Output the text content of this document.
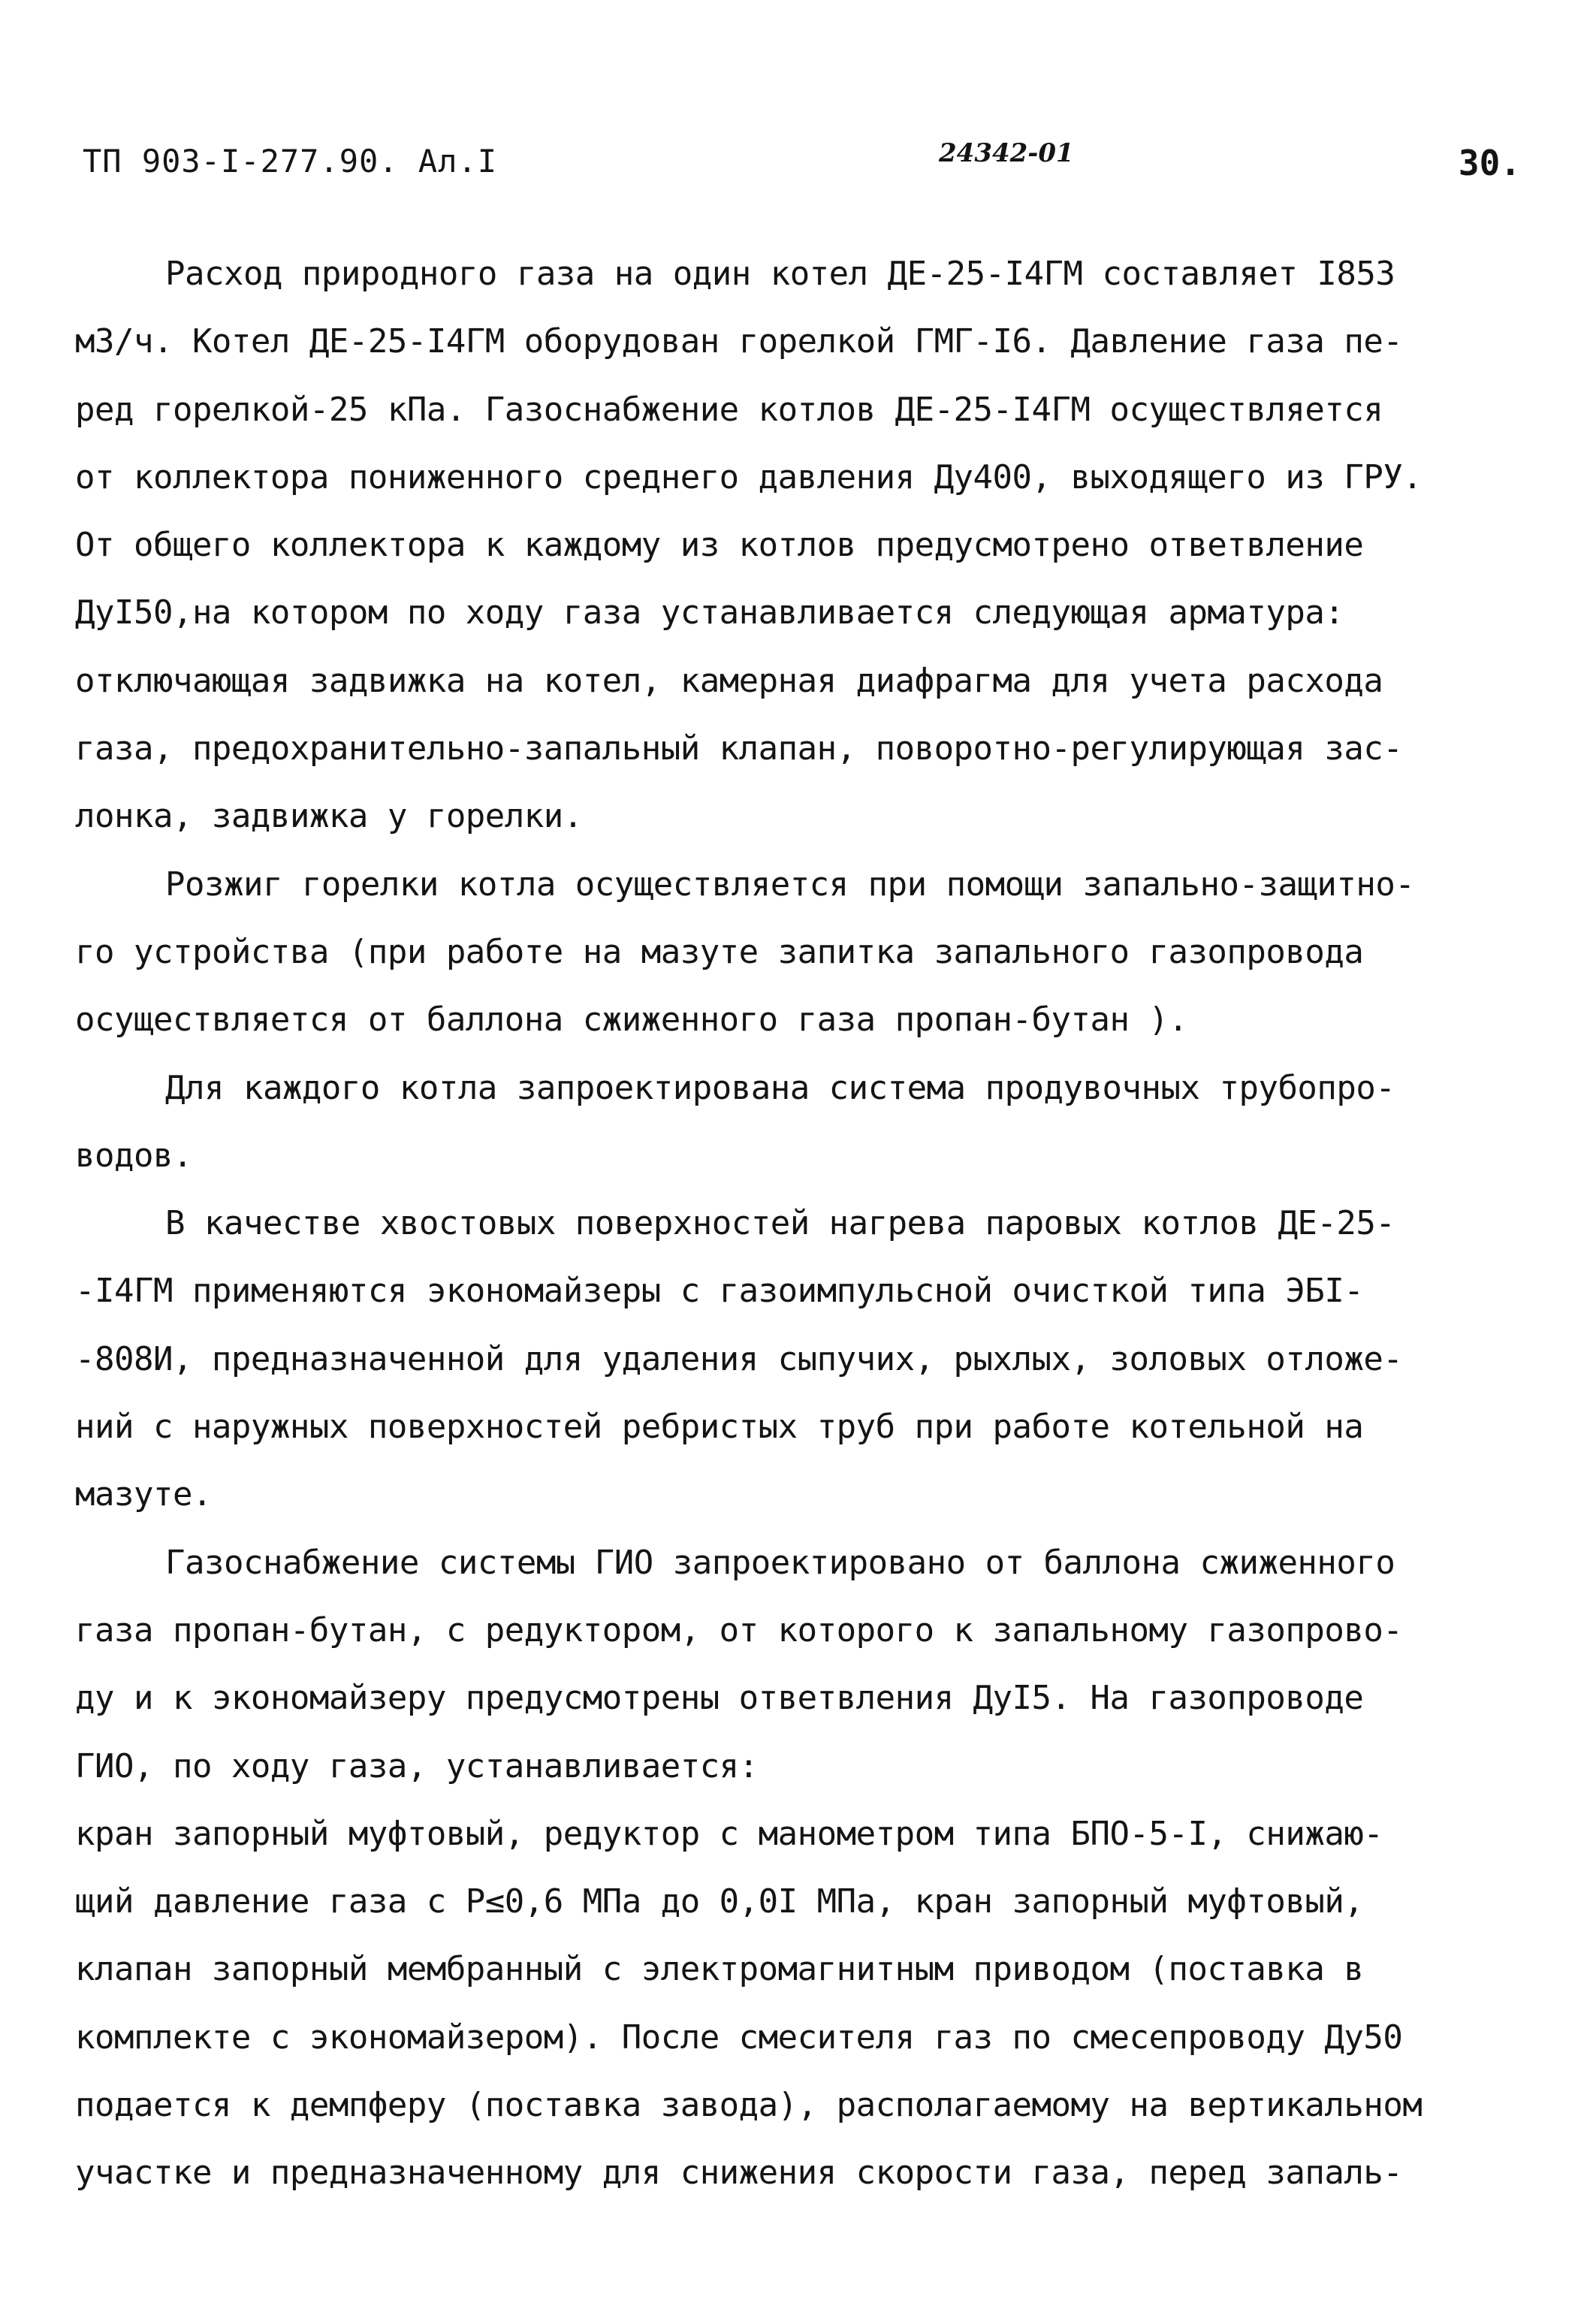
ТП 903-I-277.90. Ал.I	24342-01	30.
Расход природного газа на один котел ДЕ-25-I4ГМ составляет I853
м3/ч. Котел ДЕ-25-I4ГМ оборудован горелкой ГМГ-I6. Давление газа пе-
ред горелкой-25 кПа. Газоснабжение котлов ДЕ-25-I4ГМ осуществляется
от коллектора пониженного среднего давления Ду400, выходящего из ГРУ.
От общего коллектора к каждому из котлов предусмотрено ответвление
ДуI50,на котором по ходу газа устанавливается следующая арматура:
отключающая задвижка на котел, камерная диафрагма для учета расхода
газа, предохранительно-запальный клапан, поворотно-регулирующая зас-
лонка, задвижка у горелки.
Розжиг горелки котла осуществляется при помощи запально-защитно-
го устройства (при работе на мазуте запитка запального газопровода
осуществляется от баллона сжиженного газа пропан-бутан ).
Для каждого котла запроектирована система продувочных трубопро-
водов.
В качестве хвостовых поверхностей нагрева паровых котлов ДЕ-25-
-I4ГМ применяются экономайзеры с газоимпульсной очисткой типа ЭБI-
-808И, предназначенной для удаления сыпучих, рыхлых, золовых отложе-
ний с наружных поверхностей ребристых труб при работе котельной на
мазуте.
Газоснабжение системы ГИО запроектировано от баллона сжиженного
газа пропан-бутан, с редуктором, от которого к запальному газопрово-
ду и к экономайзеру предусмотрены ответвления ДуI5. На газопроводе
ГИО, по ходу газа, устанавливается:
кран запорный муфтовый, редуктор с манометром типа БПО-5-I, снижаю-
щий давление газа с P≤0,6 МПа до 0,0I МПа, кран запорный муфтовый,
клапан запорный мембранный с электромагнитным приводом (поставка в
комплекте с экономайзером). После смесителя газ по смесепроводу Ду50
подается к демпферу (поставка завода), располагаемому на вертикальном
участке и предназначенному для снижения скорости газа, перед запаль-
